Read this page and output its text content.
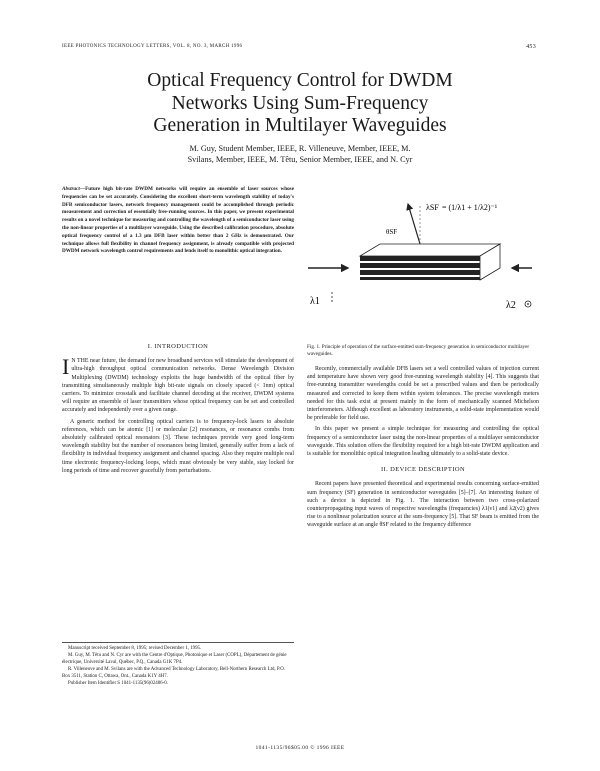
IEEE PHOTONICS TECHNOLOGY LETTERS, VOL. 8, NO. 3, MARCH 1996	453
Optical Frequency Control for DWDM
Networks Using Sum-Frequency
Generation in Multilayer Waveguides
M. Guy, Student Member, IEEE, R. Villeneuve, Member, IEEE, M.
Svilans, Member, IEEE, M. Têtu, Senior Member, IEEE, and N. Cyr
Abstract—Future high bit-rate DWDM networks will require an ensemble of laser sources whose frequencies can be set accurately. Considering the excellent short-term wavelength stability of today's DFB semiconductor lasers, network frequency management could be accomplished through periodic measurement and correction of essentially free-running sources. In this paper, we present experimental results on a novel technique for measuring and controlling the wavelength of a semiconductor laser using the non-linear properties of a multilayer waveguide. Using the described calibration procedure, absolute optical frequency control of a 1.3 μm DFB laser within better than 2 GHz is demonstrated. Our technique allows full flexibility in channel frequency assignment, is already compatible with projected DWDM network wavelength control requirements and lends itself to monolithic optical integration.
I. INTRODUCTION

I N THE near future, the demand for new broadband services will stimulate the development of ultra-high throughput optical communication networks. Dense Wavelength Division Multiplexing (DWDM) technology exploits the huge bandwidth of the optical fiber by transmitting simultaneously multiple high bit-rate signals on closely spaced (< 1nm) optical carriers. To minimize crosstalk and facilitate channel decoding at the receiver, DWDM systems will require an ensemble of laser transmitters whose optical frequency can be set and controlled accurately and independently over a given range.

A generic method for controlling optical carriers is to frequency-lock lasers to absolute references, which can be atomic [1] or molecular [2] resonances, or resonance combs from absolutely calibrated optical resonators [3]. These techniques provide very good long-term wavelength stability but the number of resonances being limited, generally suffer from a lack of flexibility in individual frequency assignment and channel spacing. Also they require multiple real time electronic frequency-locking loops, which must obviously be very stable, stay locked for long periods of time and recover gracefully from perturbations.

Manuscript received September 8, 1995; revised December 1, 1995.

M. Guy, M. Têtu and N. Cyr are with the Centre d'Optique, Photonique et Laser (COPL), Département de génie électrique, Université Laval, Québec, P.Q., Canada G1K 7P4.

R. Villeneuve and M. Svilans are with the Advanced Technology Laboratory, Bell-Northern Research Ltd, P.O. Box 3511, Station C, Ottawa, Ont., Canada K1Y 4H7.

Publisher Item Identifier S 1041-1135(96)02486-0.

λSF = (1/λ1 + 1/λ2)⁻¹
θSF
λ1	λ2
Fig. 1. Principle of operation of the surface-emitted sum-frequency generation in semiconductor multilayer waveguides.

Recently, commercially available DFB lasers set a well controlled values of injection current and temperature have shown very good free-running wavelength stability [4]. This suggests that free-running transmitter wavelengths could be set a prescribed values and then be periodically measured and corrected to keep them within system tolerances. The precise wavelength meters needed for this task exist at present mainly in the form of mechanically scanned Michelson interferometers. Although excellent as laboratory instruments, a solid-state implementation would be preferable for field use.

In this paper we present a simple technique for measuring and controlling the optical frequency of a semiconductor laser using the non-linear properties of a multilayer semiconductor waveguide. This solution offers the flexibility required for a high bit-rate DWDM application and is suitable for monolithic optical integration leading ultimately to a solid-state device.

II. DEVICE DESCRIPTION

Recent papers have presented theoretical and experimental results concerning surface-emitted sum frequency (SF) generation in semiconductor waveguides [5]–[7]. An interesting feature of such a device is depicted in Fig. 1. The interaction between two cross-polarized counterpropagating input waves of respective wavelengths (frequencies) λ1(ν1) and λ2(ν2) gives rise to a nonlinear polarization source at the sum-frequency [5]. That SF beam is emitted from the waveguide surface at an angle θSF related to the frequency difference

1041-1135/96$05.00 © 1996 IEEE
